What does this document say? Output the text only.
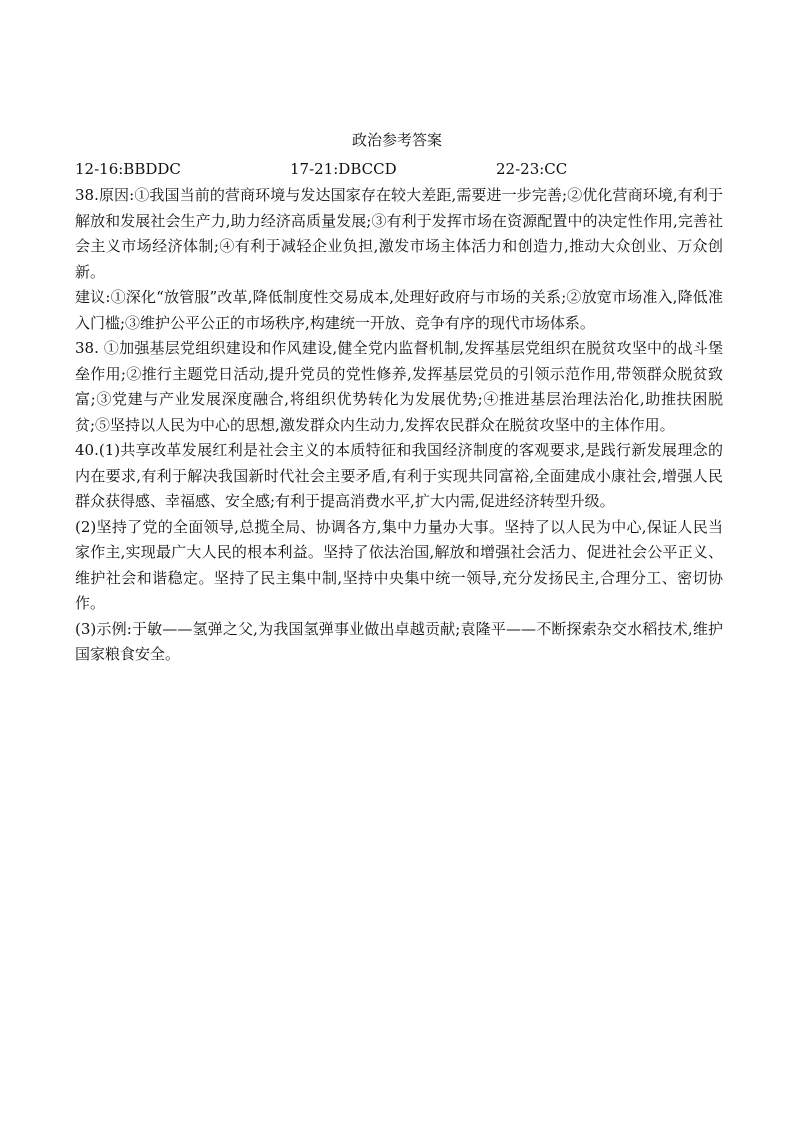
政治参考答案
12-16:BBDDC	17-21:DBCCD	22-23:CC

38.原因:①我国当前的营商环境与发达国家存在较大差距,需要进一步完善;②优化营商环境,有利于解放和发展社会生产力,助力经济高质量发展;③有利于发挥市场在资源配置中的决定性作用,完善社会主义市场经济体制;④有利于减轻企业负担,激发市场主体活力和创造力,推动大众创业、万众创新。

建议:①深化“放管服”改革,降低制度性交易成本,处理好政府与市场的关系;②放宽市场准入,降低准入门槛;③维护公平公正的市场秩序,构建统一开放、竞争有序的现代市场体系。

38. ①加强基层党组织建设和作风建设,健全党内监督机制,发挥基层党组织在脱贫攻坚中的战斗堡垒作用;②推行主题党日活动,提升党员的党性修养,发挥基层党员的引领示范作用,带领群众脱贫致富;③党建与产业发展深度融合,将组织优势转化为发展优势;④推进基层治理法治化,助推扶困脱贫;⑤坚持以人民为中心的思想,激发群众内生动力,发挥农民群众在脱贫攻坚中的主体作用。

40.(1)共享改革发展红利是社会主义的本质特征和我国经济制度的客观要求,是践行新发展理念的内在要求,有利于解决我国新时代社会主要矛盾,有利于实现共同富裕,全面建成小康社会,增强人民群众获得感、幸福感、安全感;有利于提高消费水平,扩大内需,促进经济转型升级。

(2)坚持了党的全面领导,总揽全局、协调各方,集中力量办大事。坚持了以人民为中心,保证人民当家作主,实现最广大人民的根本利益。坚持了依法治国,解放和增强社会活力、促进社会公平正义、维护社会和谐稳定。坚持了民主集中制,坚持中央集中统一领导,充分发扬民主,合理分工、密切协作。

(3)示例:于敏——氢弹之父,为我国氢弹事业做出卓越贡献;袁隆平——不断探索杂交水稻技术,维护国家粮食安全。
